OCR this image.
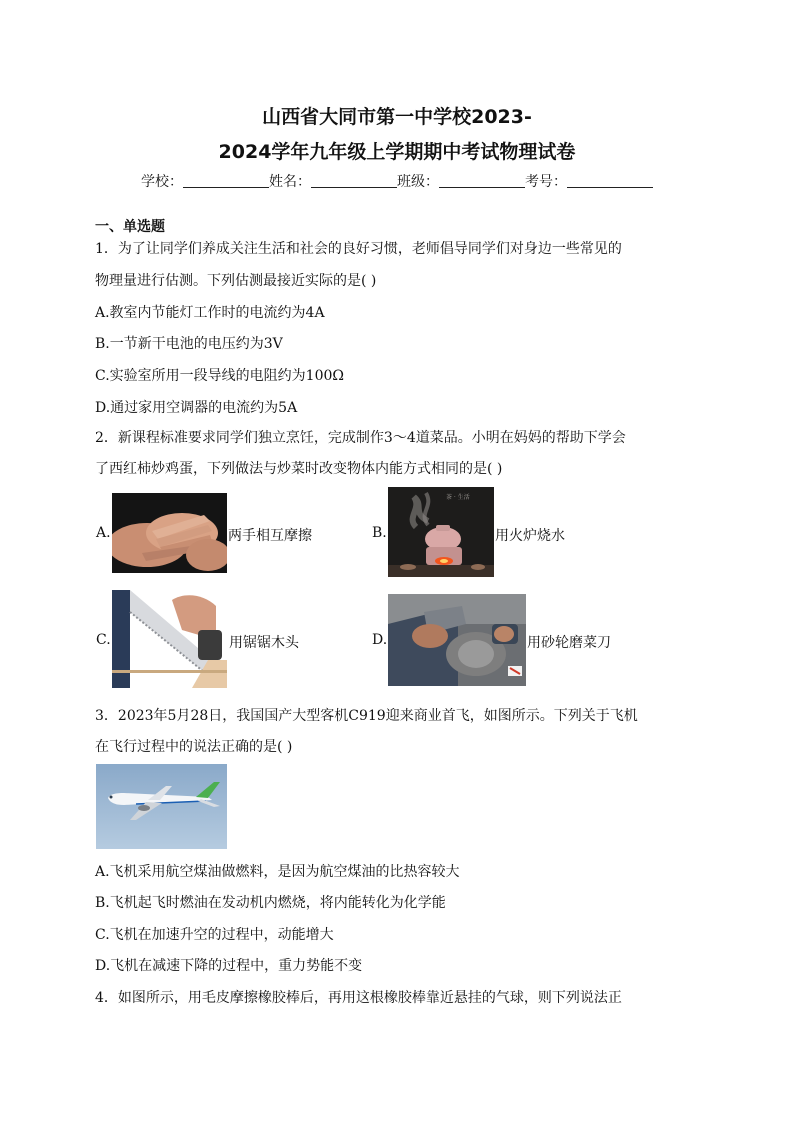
山西省大同市第一中学校2023-
2024学年九年级上学期期中考试物理试卷
学校：	姓名：	班级：	考号：
一、单选题
1．为了让同学们养成关注生活和社会的良好习惯，老师倡导同学们对身边一些常见的
物理量进行估测。下列估测最接近实际的是( )
A.教室内节能灯工作时的电流约为4A
B.一节新干电池的电压约为3V
C.实验室所用一段导线的电阻约为100Ω
D.通过家用空调器的电流约为5A
2．新课程标准要求同学们独立烹饪，完成制作3～4道菜品。小明在妈妈的帮助下学会
了西红柿炒鸡蛋，下列做法与炒菜时改变物体内能方式相同的是( )
A.	两手相互摩擦	B.
茶 · 生活
用火炉烧水
C.	用锯锯木头	D.	用砂轮磨菜刀
3．2023年5月28日，我国国产大型客机C919迎来商业首飞，如图所示。下列关于飞机
在飞行过程中的说法正确的是( )
A.飞机采用航空煤油做燃料，是因为航空煤油的比热容较大
B.飞机起飞时燃油在发动机内燃烧，将内能转化为化学能
C.飞机在加速升空的过程中，动能增大
D.飞机在减速下降的过程中，重力势能不变
4．如图所示，用毛皮摩擦橡胶棒后，再用这根橡胶棒靠近悬挂的气球，则下列说法正
